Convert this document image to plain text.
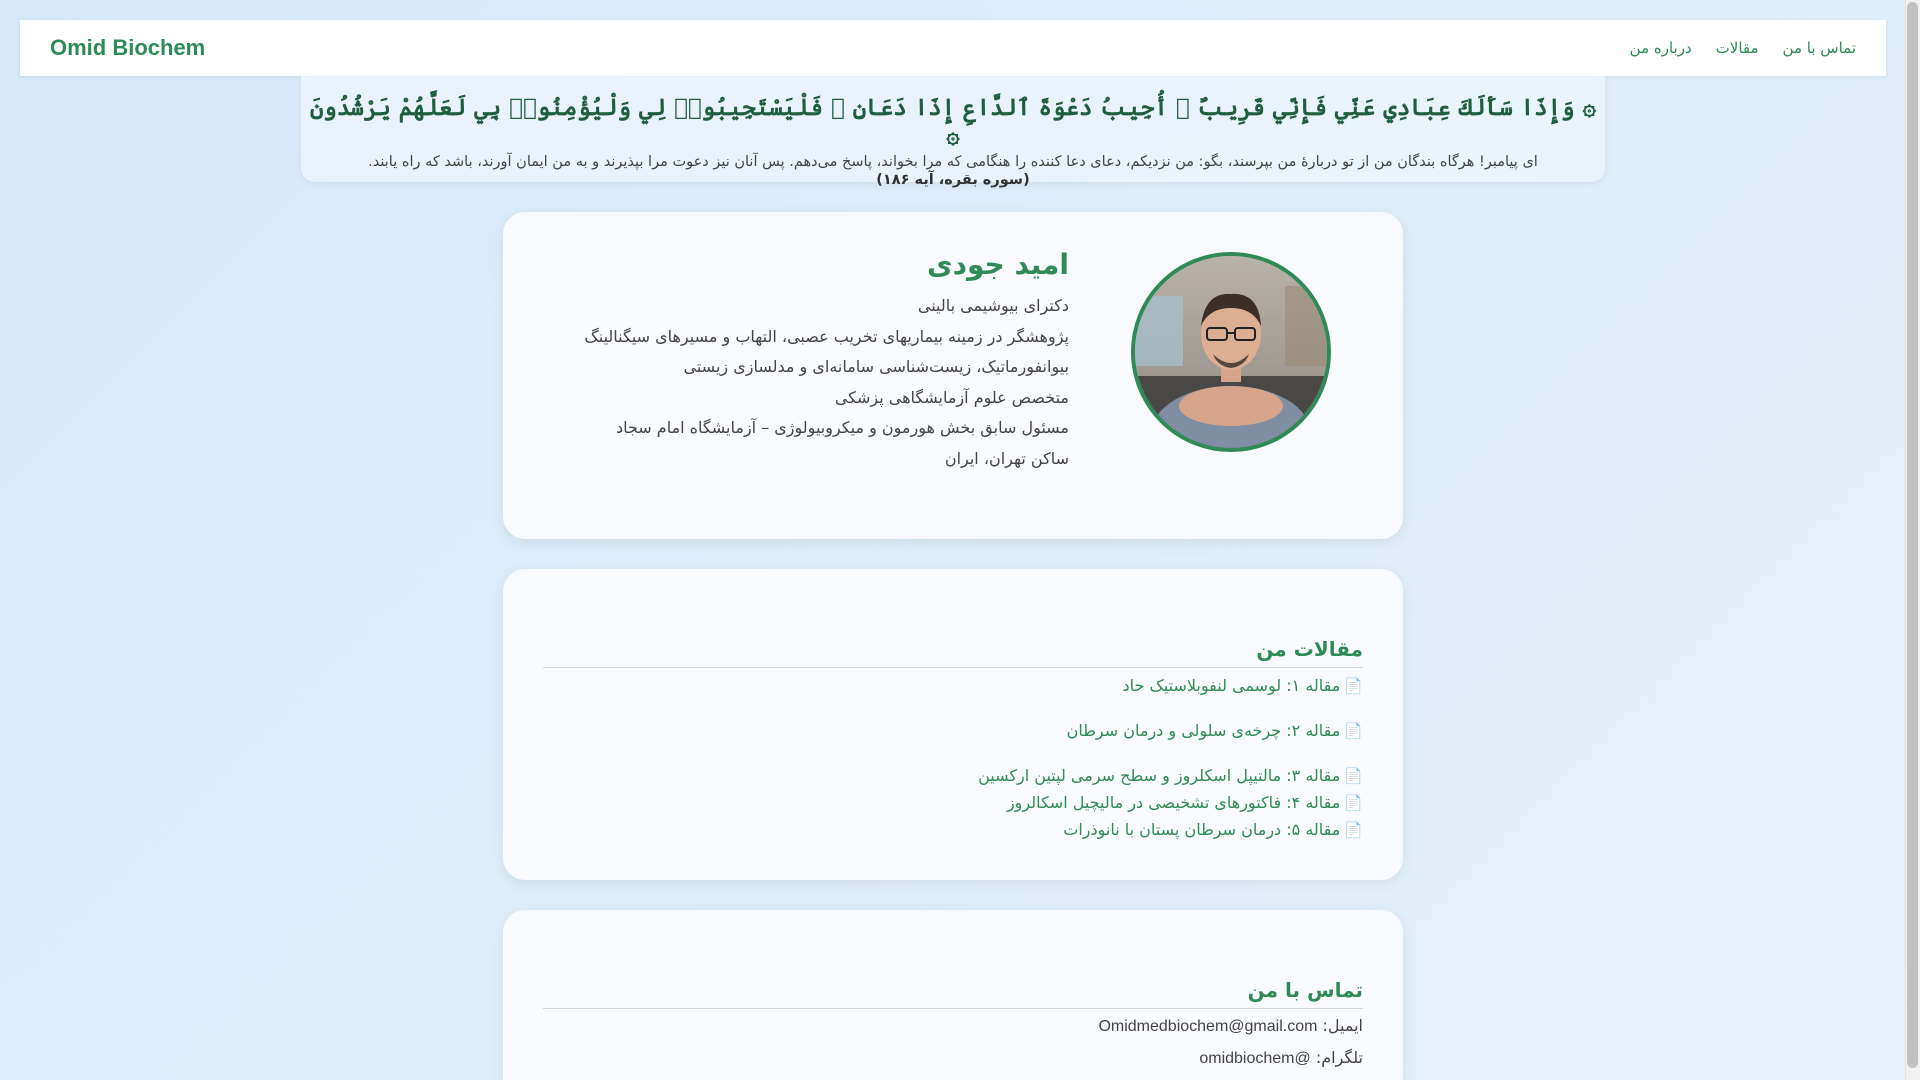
Omid Biochem	درباره من مقالات تماس با من
۞ وَإِذَا سَأَلَكَ عِبَادِي عَنِّي فَإِنِّي قَرِيبٌ ۖ أُجِيبُ دَعْوَةَ ٱلدَّاعِ إِذَا دَعَانِ ۖ فَلْيَسْتَجِيبُوا۟ لِي وَلْيُؤْمِنُوا۟ بِي لَعَلَّهُمْ يَرْشُدُونَ ۞
ای پیامبر! هرگاه بندگان من از تو دربارهٔ من بپرسند، بگو: من نزدیکم، دعای دعا کننده را هنگامی که مرا بخواند، پاسخ می‌دهم. پس آنان نیز دعوت مرا بپذیرند و به من ایمان آورند، باشد که راه یابند.
(سوره بقره، آیه ۱۸۶)
امید جودی
دکترای بیوشیمی بالینی
پژوهشگر در زمینه بیماریهای تخریب عصبی، التهاب و مسیرهای سیگنالینگ
بیوانفورماتیک، زیست‌شناسی سامانه‌ای و مدلسازی زیستی
متخصص علوم آزمایشگاهی پزشکی
مسئول سابق بخش هورمون و میکروبیولوژی – آزمایشگاه امام سجاد
ساکن تهران، ایران
مقالات من
📄مقاله ۱: لوسمی لنفوبلاستیک حاد
📄مقاله ۲: چرخه‌ی سلولی و درمان سرطان
📄مقاله ۳: مالتیپل اسکلروز و سطح سرمی لپتین ارکسین
📄مقاله ۴: فاکتورهای تشخیصی در مالیچیل اسکالروز
📄مقاله ۵: درمان سرطان پستان با نانوذرات
تماس با من
ایمیل: Omidmedbiochem@gmail.com
تلگرام: omidbiochem@
